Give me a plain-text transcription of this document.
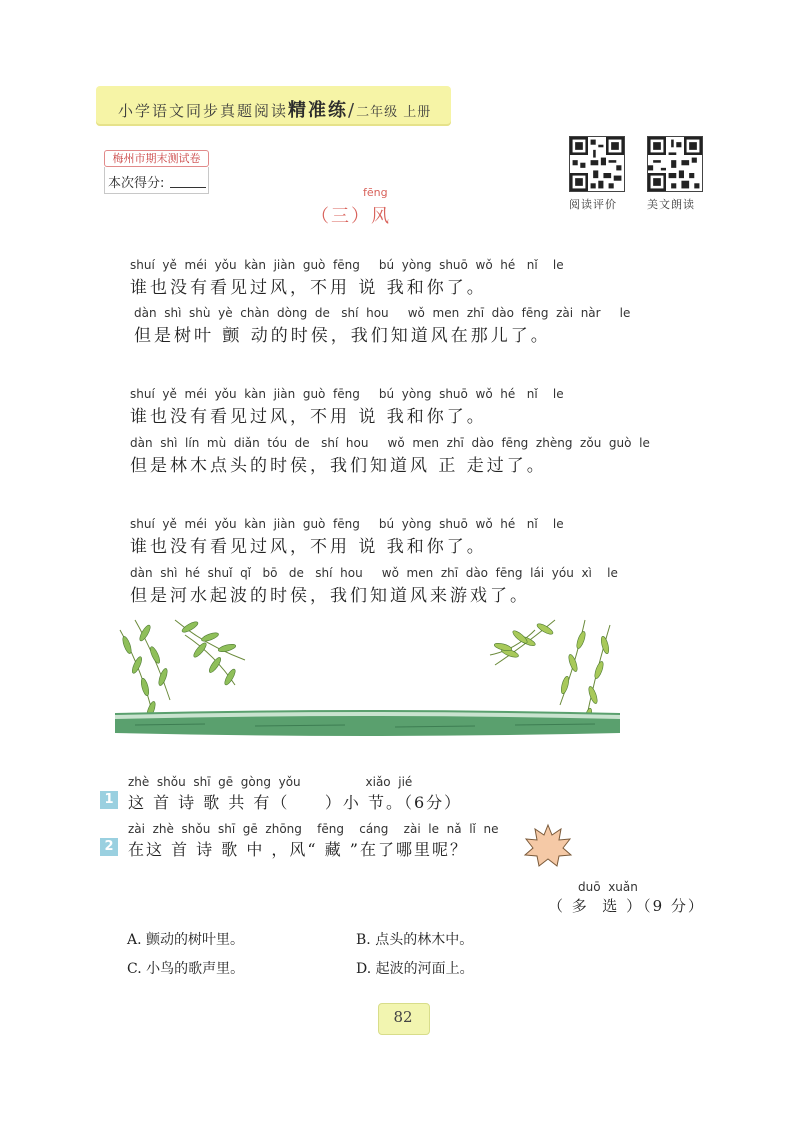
小学语文同步真题阅读精准练/二年级 上册
梅州市期末测试卷
本次得分:
阅读评价	美文朗读
fēng
（三）风
shuí  yě  méi  yǒu  kàn  jiàn  guò  fēng     bú  yòng  shuō  wǒ  hé   nǐ    le
谁也没有看见过风，不用 说 我和你了。
dàn  shì  shù  yè  chàn  dòng  de   shí  hou     wǒ  men  zhī  dào  fēng  zài  nàr     le
但是树叶 颤 动的时侯，我们知道风在那儿了。
shuí  yě  méi  yǒu  kàn  jiàn  guò  fēng     bú  yòng  shuō  wǒ  hé   nǐ    le
谁也没有看见过风，不用 说 我和你了。
dàn  shì  lín  mù  diǎn  tóu  de   shí  hou     wǒ  men  zhī  dào  fēng  zhèng  zǒu  guò  le
但是林木点头的时侯，我们知道风 正 走过了。
shuí  yě  méi  yǒu  kàn  jiàn  guò  fēng     bú  yòng  shuō  wǒ  hé   nǐ    le
谁也没有看见过风，不用 说 我和你了。
dàn  shì  hé  shuǐ  qǐ   bō   de   shí  hou     wǒ  men  zhī  dào  fēng  lái  yóu  xì    le
但是河水起波的时侯，我们知道风来游戏了。
zhè  shǒu  shī  gē  gòng  yǒu                 xiǎo  jié
1 这 首 诗 歌 共 有（     ）小 节。（6分）
zài  zhè  shǒu  shī  gē  zhōng    fēng    cáng    zài  le  nǎ  lǐ  ne
2 在这 首 诗 歌 中 ，风“ 藏 ”在了哪里呢？
duō  xuǎn
（ 多  选 ）（9 分）
A. 颤动的树叶里。	B. 点头的林木中。
C. 小鸟的歌声里。	D. 起波的河面上。
82
